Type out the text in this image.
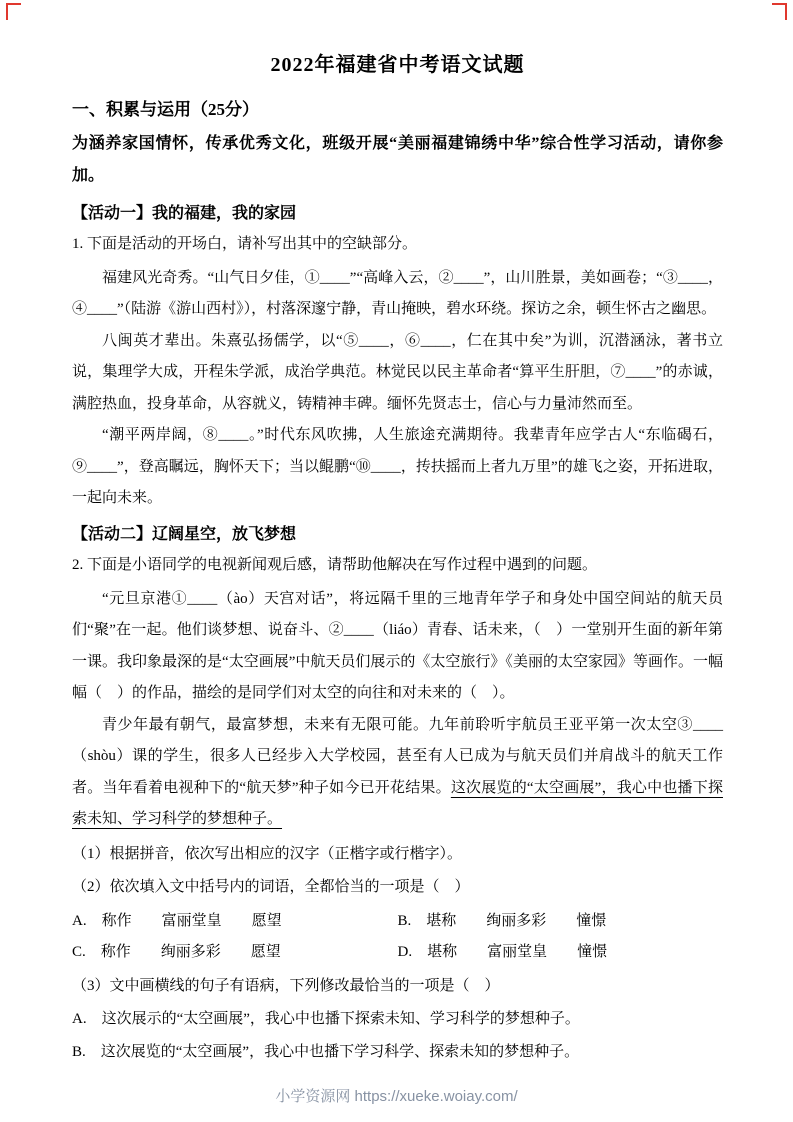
2022年福建省中考语文试题
一、积累与运用（25分）

为涵养家国情怀，传承优秀文化，班级开展“美丽福建锦绣中华”综合性学习活动，请你参加。

【活动一】我的福建，我的家园

1. 下面是活动的开场白，请补写出其中的空缺部分。

福建风光奇秀。“山气日夕佳，①____”“高峰入云，②____”，山川胜景，美如画卷；“③____，④____”（陆游《游山西村》），村落深邃宁静，青山掩映，碧水环绕。探访之余，顿生怀古之幽思。

八闽英才辈出。朱熹弘扬儒学，以“⑤____，⑥____，仁在其中矣”为训，沉潜涵泳，著书立说，集理学大成，开程朱学派，成治学典范。林觉民以民主革命者“算平生肝胆，⑦____”的赤诚，满腔热血，投身革命，从容就义，铸精神丰碑。缅怀先贤志士，信心与力量沛然而至。

“潮平两岸阔，⑧____。”时代东风吹拂，人生旅途充满期待。我辈青年应学古人“东临碣石，⑨____”，登高瞩远，胸怀天下；当以鲲鹏“⑩____，抟扶摇而上者九万里”的雄飞之姿，开拓进取，一起向未来。

【活动二】辽阔星空，放飞梦想

2. 下面是小语同学的电视新闻观后感，请帮助他解决在写作过程中遇到的问题。

“元旦京港①____（ào）天宫对话”，将远隔千里的三地青年学子和身处中国空间站的航天员们“聚”在一起。他们谈梦想、说奋斗、②____（liáo）青春、话未来，（　）一堂别开生面的新年第一课。我印象最深的是“太空画展”中航天员们展示的《太空旅行》《美丽的太空家园》等画作。一幅幅（　）的作品，描绘的是同学们对太空的向往和对未来的（　）。

青少年最有朝气，最富梦想，未来有无限可能。九年前聆听宇航员王亚平第一次太空③____（shòu）课的学生，很多人已经步入大学校园，甚至有人已成为与航天员们并肩战斗的航天工作者。当年看着电视种下的“航天梦”种子如今已开花结果。这次展览的“太空画展”，我心中也播下探索未知、学习科学的梦想种子。

（1）根据拼音，依次写出相应的汉字（正楷字或行楷字）。

（2）依次填入文中括号内的词语，全都恰当的一项是（　）

A.　称作　　富丽堂皇　　愿望	B.　堪称　　绚丽多彩　　憧憬
C.　称作　　绚丽多彩　　愿望	D.　堪称　　富丽堂皇　　憧憬

（3）文中画横线的句子有语病，下列修改最恰当的一项是（　）

A.　这次展示的“太空画展”，我心中也播下探索未知、学习科学的梦想种子。

B.　这次展览的“太空画展”，我心中也播下学习科学、探索未知的梦想种子。

小学资源网 https://xueke.woiay.com/
